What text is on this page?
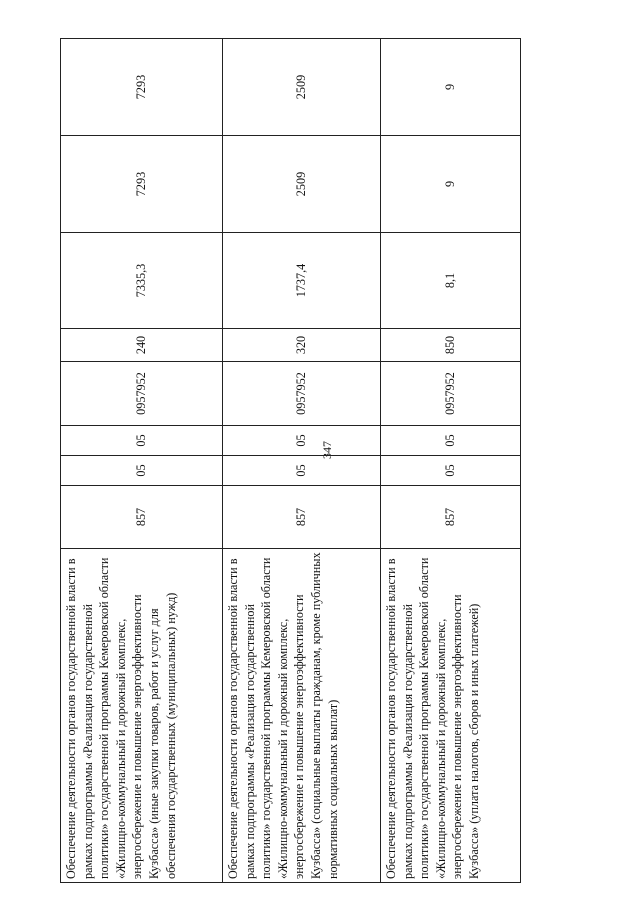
347
Обеспечение деятельности органов государственной власти в рамках подпрограммы «Реализация государственной политики» государственной программы Кемеровской области «Жилищно-коммунальный и дорожный комплекс, энергосбережение и повышение энергоэффективности Кузбасса» (иные закупки товаров, работ и услуг для обеспечения государственных (муниципальных) нужд)	857	05	05	0957952	240	7335,3	7293	7293
Обеспечение деятельности органов государственной власти в рамках подпрограммы «Реализация государственной политики» государственной программы Кемеровской области «Жилищно-коммунальный и дорожный комплекс, энергосбережение и повышение энергоэффективности Кузбасса» (социальные выплаты гражданам, кроме публичных нормативных социальных выплат)	857	05	05	0957952	320	1737,4	2509	2509
Обеспечение деятельности органов государственной власти в рамках подпрограммы «Реализация государственной политики» государственной программы Кемеровской области «Жилищно-коммунальный и дорожный комплекс, энергосбережение и повышение энергоэффективности Кузбасса» (уплата налогов, сборов и иных платежей)	857	05	05	0957952	850	8,1	9	9
